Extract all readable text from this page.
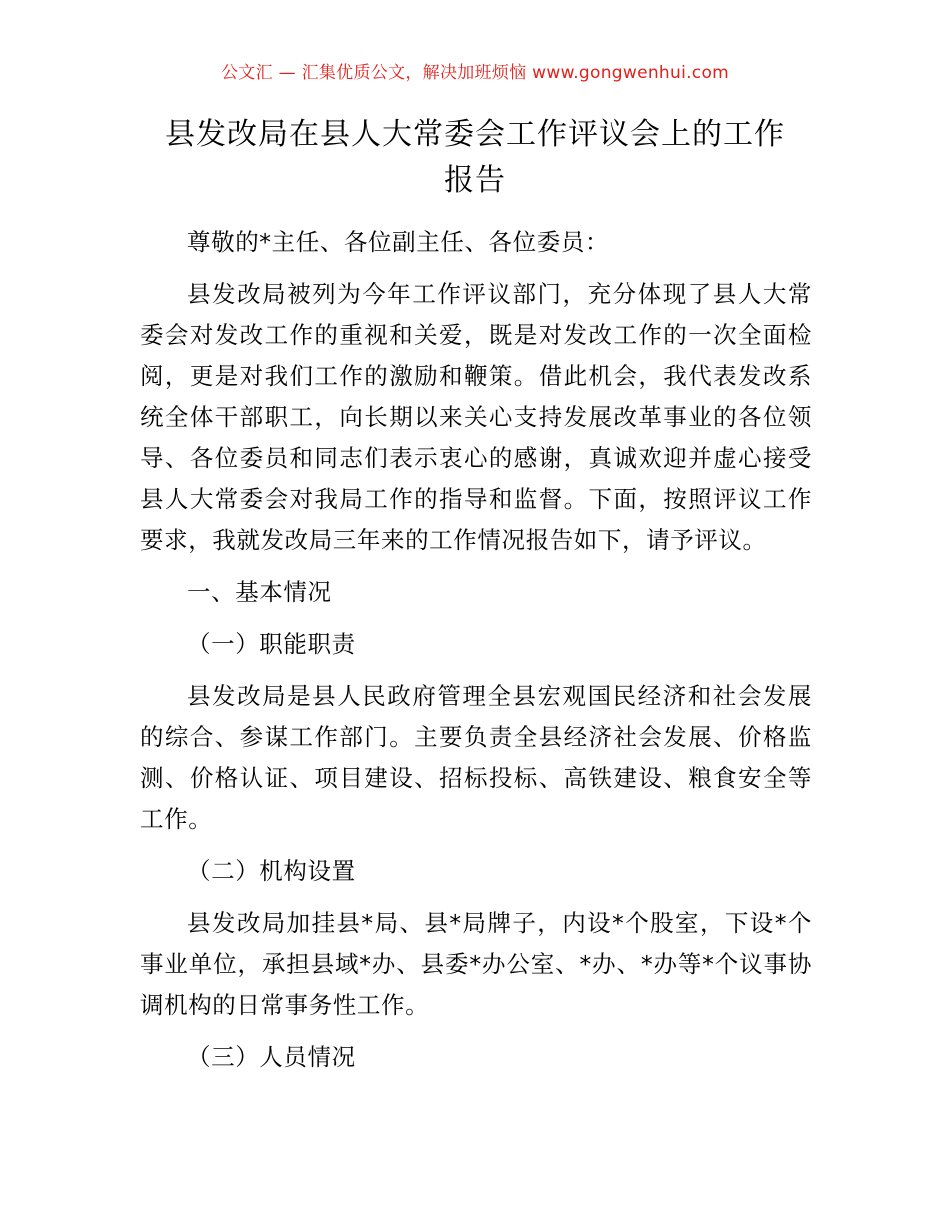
公文汇 — 汇集优质公文，解决加班烦恼 www.gongwenhui.com
县发改局在县人大常委会工作评议会上的工作
报告

尊敬的*主任、各位副主任、各位委员：

县发改局被列为今年工作评议部门，充分体现了县人大常委会对发改工作的重视和关爱，既是对发改工作的一次全面检阅，更是对我们工作的激励和鞭策。借此机会，我代表发改系统全体干部职工，向长期以来关心支持发展改革事业的各位领导、各位委员和同志们表示衷心的感谢，真诚欢迎并虚心接受县人大常委会对我局工作的指导和监督。下面，按照评议工作要求，我就发改局三年来的工作情况报告如下，请予评议。

一、基本情况

（一）职能职责

县发改局是县人民政府管理全县宏观国民经济和社会发展的综合、参谋工作部门。主要负责全县经济社会发展、价格监测、价格认证、项目建设、招标投标、高铁建设、粮食安全等工作。

（二）机构设置

县发改局加挂县*局、县*局牌子，内设*个股室，下设*个事业单位，承担县域*办、县委*办公室、*办、*办等*个议事协调机构的日常事务性工作。

（三）人员情况
